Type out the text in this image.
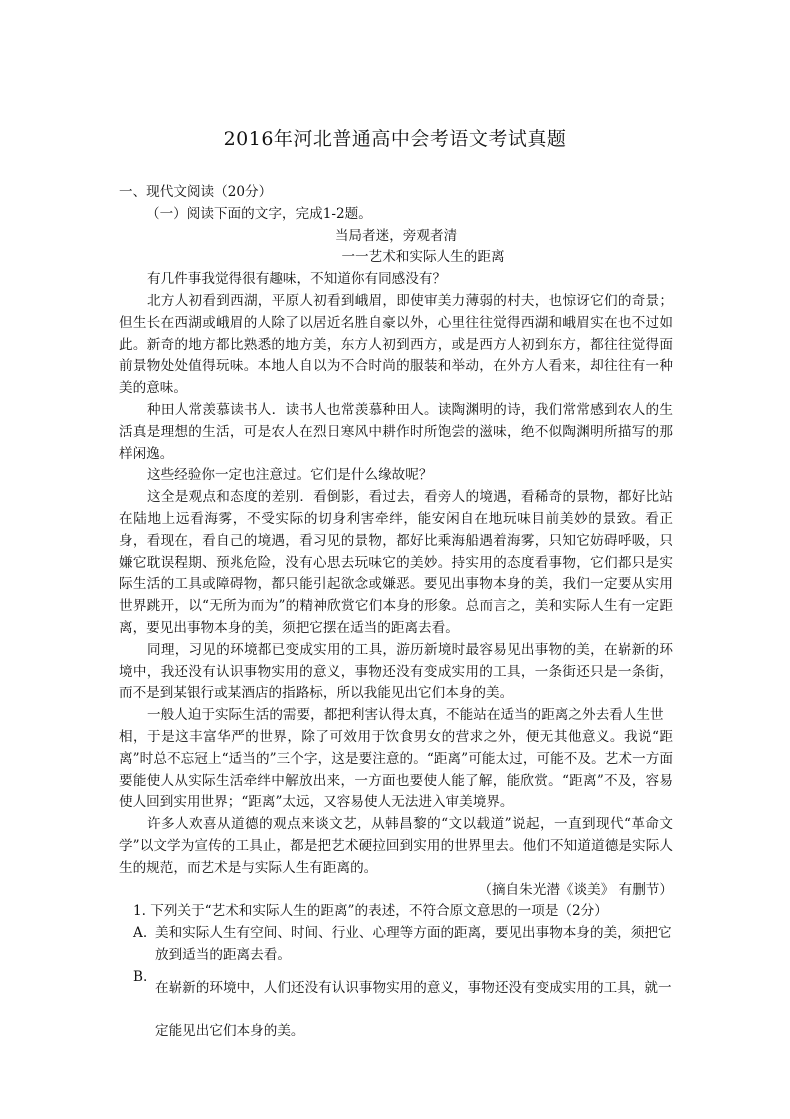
2016年河北普通高中会考语文考试真题
一、现代文阅读（20分）
（一）阅读下面的文字，完成1-2题。
当局者迷，旁观者清
一一艺术和实际人生的距离

有几件事我觉得很有趣味，不知道你有同感没有？

北方人初看到西湖，平原人初看到峨眉，即使审美力薄弱的村夫，也惊讶它们的奇景；但生长在西湖或峨眉的人除了以居近名胜自豪以外，心里往往觉得西湖和峨眉实在也不过如此。新奇的地方都比熟悉的地方美，东方人初到西方，或是西方人初到东方，都往往觉得面前景物处处值得玩味。本地人自以为不合时尚的服装和举动，在外方人看来，却往往有一种美的意味。

种田人常羡慕读书人．读书人也常羡慕种田人。读陶渊明的诗，我们常常感到农人的生活真是理想的生活，可是农人在烈日寒风中耕作时所饱尝的滋味，绝不似陶渊明所描写的那样闲逸。

这些经验你一定也注意过。它们是什么缘故呢？

这全是观点和态度的差别．看倒影，看过去，看旁人的境遇，看稀奇的景物，都好比站在陆地上远看海雾，不受实际的切身利害牵绊，能安闲自在地玩味目前美妙的景致。看正身，看现在，看自己的境遇，看习见的景物，都好比乘海船遇着海雾，只知它妨碍呼吸，只嫌它耽误程期、预兆危险，没有心思去玩味它的美妙。持实用的态度看事物，它们都只是实际生活的工具或障碍物，都只能引起欲念或嫌恶。要见出事物本身的美，我们一定要从实用世界跳开，以“无所为而为”的精神欣赏它们本身的形象。总而言之，美和实际人生有一定距离，要见出事物本身的美，须把它摆在适当的距离去看。

同理，习见的环境都已变成实用的工具，游历新境时最容易见出事物的美，在崭新的环境中，我还没有认识事物实用的意义，事物还没有变成实用的工具，一条街还只是一条街，而不是到某银行或某酒店的指路标，所以我能见出它们本身的美。

一般人迫于实际生活的需要，都把利害认得太真，不能站在适当的距离之外去看人生世

相，于是这丰富华严的世界，除了可效用于饮食男女的营求之外，便无其他意义。我说“距离”时总不忘冠上“适当的”三个字，这是要注意的。“距离”可能太过，可能不及。艺术一方面要能使人从实际生活牵绊中解放出来，一方面也要使人能了解，能欣赏。“距离”不及，容易使人回到实用世界；“距离”太远，又容易使人无法进入审美境界。

许多人欢喜从道德的观点来谈文艺，从韩昌黎的“文以载道”说起，一直到现代“革命文学”以文学为宣传的工具止，都是把艺术硬拉回到实用的世界里去。他们不知道道德是实际人生的规范，而艺术是与实际人生有距离的。

（摘自朱光潜《谈美》 有删节）
1. 下列关于“艺术和实际人生的距离”的表述，不符合原文意思的一项是（2分）
A. 美和实际人生有空间、时间、行业、心理等方面的距离，要见出事物本身的美，须把它放到适当的距离去看。
B.
在崭新的环境中，人们还没有认识事物实用的意义，事物还没有变成实用的工具，就一定能见出它们本身的美。
